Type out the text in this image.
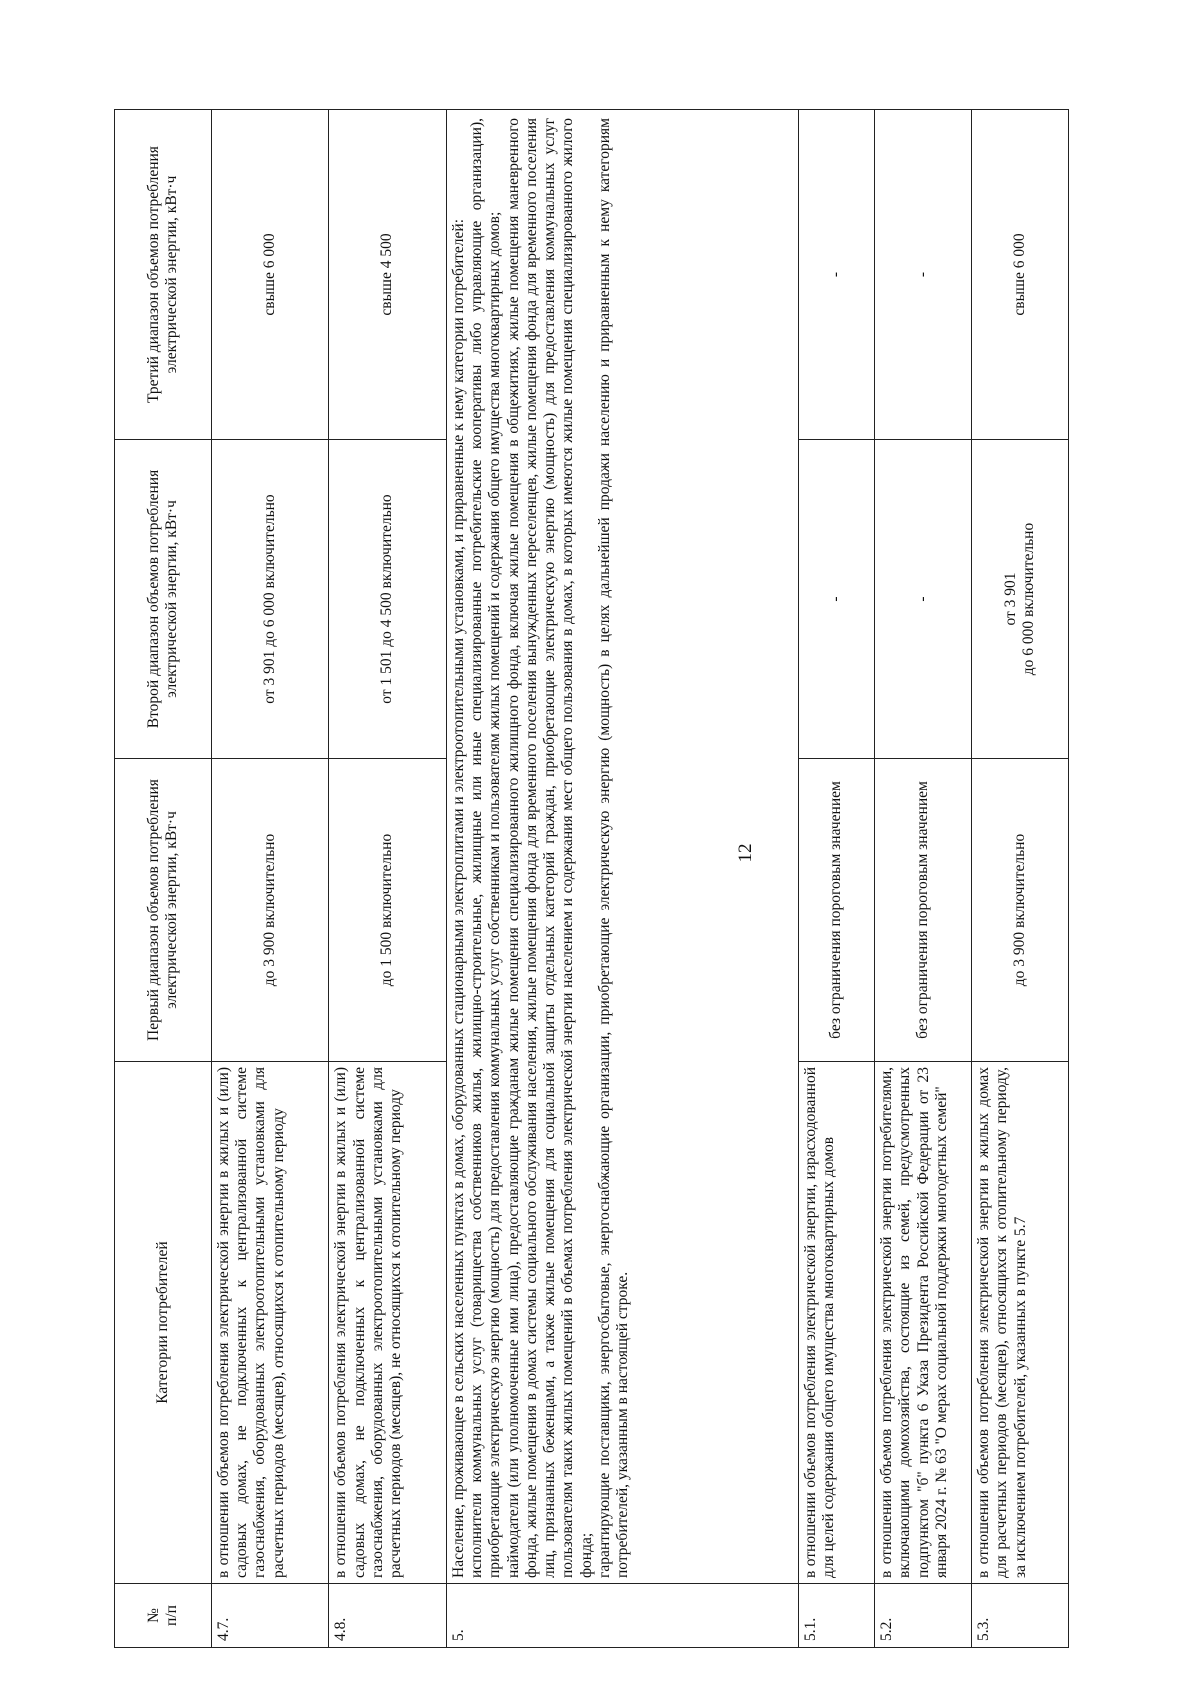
12
№
п/п	Категории потребителей	Первый диапазон объемов потребления электрической энергии, кВт·ч	Второй диапазон объемов потребления электрической энергии, кВт·ч	Третий диапазон объемов потребления электрической энергии, кВт·ч
4.7.	в отношении объемов потребления электрической энергии в жилых и (или) садовых домах, не подключенных к централизованной системе газоснабжения, оборудованных электроотопительными установками для расчетных периодов (месяцев), относящихся к отопительному периоду	до 3 900 включительно	от 3 901 до 6 000 включительно	свыше 6 000
4.8.	в отношении объемов потребления электрической энергии в жилых и (или) садовых домах, не подключенных к централизованной системе газоснабжения, оборудованных электроотопительными установками для расчетных периодов (месяцев), не относящихся к отопительному периоду	до 1 500 включительно	от 1 501 до 4 500 включительно	свыше 4 500
5.	Население, проживающее в сельских населенных пунктах в домах, оборудованных стационарными электроплитами и электроотопительными установками, и приравненные к нему категории потребителей: исполнители коммунальных услуг (товарищества собственников жилья, жилищно-строительные, жилищные или иные специализированные потребительские кооперативы либо управляющие организации), приобретающие электрическую энергию (мощность) для предоставления коммунальных услуг собственникам и пользователям жилых помещений и содержания общего имущества многоквартирных домов; наймодатели (или уполномоченные ими лица), предоставляющие гражданам жилые помещения специализированного жилищного фонда, включая жилые помещения в общежитиях, жилые помещения маневренного фонда, жилые помещения в домах системы социального обслуживания населения, жилые помещения фонда для временного поселения вынужденных переселенцев, жилые помещения фонда для временного поселения лиц, признанных беженцами, а также жилые помещения для социальной защиты отдельных категорий граждан, приобретающие электрическую энергию (мощность) для предоставления коммунальных услуг пользователям таких жилых помещений в объемах потребления электрической энергии населением и содержания мест общего пользования в домах, в которых имеются жилые помещения специализированного жилого фонда; гарантирующие поставщики, энергосбытовые, энергоснабжающие организации, приобретающие электрическую энергию (мощность) в целях дальнейшей продажи населению и приравненным к нему категориям потребителей, указанным в настоящей строке.			

5.1.	в отношении объемов потребления электрической энергии, израсходованной для целей содержания общего имущества многоквартирных домов	без ограничения пороговым значением	-	-
5.2.	в отношении объемов потребления электрической энергии потребителями, включающими домохозяйства, состоящие из семей, предусмотренных подпунктом "б" пункта 6 Указа Президента Российской Федерации от 23 января 2024 г. № 63 "О мерах социальной поддержки многодетных семей"	без ограничения пороговым значением	-	-
5.3.	в отношении объемов потребления электрической энергии в жилых домах для расчетных периодов (месяцев), относящихся к отопительному периоду, за исключением потребителей, указанных в пункте 5.7	до 3 900 включительно	от 3 901 до 6 000 включительно	свыше 6 000
